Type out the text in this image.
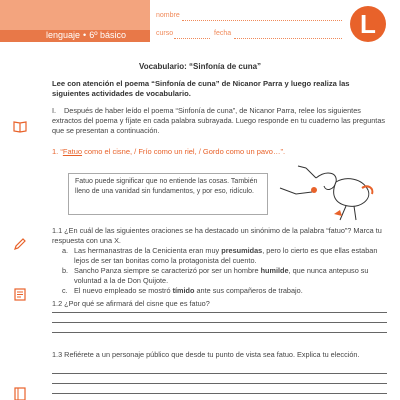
lenguaje • 6º básico
nombre
curso	fecha	L
Vocabulario: “Sinfonía de cuna”
Lee con atención el poema “Sinfonía de cuna” de Nicanor Parra y luego realiza las siguientes actividades de vocabulario.
I. Después de haber leído el poema “Sinfonía de cuna”, de Nicanor Parra, relee los siguientes extractos del poema y fíjate en cada palabra subrayada. Luego responde en tu cuaderno las preguntas que se presentan a continuación.
1. “Fatuo como el cisne, / Frío como un riel, / Gordo como un pavo…”.
Fatuo puede significar que no entiende las cosas. También lleno de una vanidad sin fundamentos, y por eso, ridículo.
1.1 ¿En cuál de las siguientes oraciones se ha destacado un sinónimo de la palabra “fatuo”? Marca tu respuesta con una X.
a. Las hermanastras de la Cenicienta eran muy presumidas, pero lo cierto es que ellas estaban lejos de ser tan bonitas como la protagonista del cuento.
b. Sancho Panza siempre se caracterizó por ser un hombre humilde, que nunca antepuso su voluntad a la de Don Quijote.
c. El nuevo empleado se mostró tímido ante sus compañeros de trabajo.
1.2 ¿Por qué se afirmará del cisne que es fatuo?
1.3 Refiérete a un personaje público que desde tu punto de vista sea fatuo. Explica tu elección.
